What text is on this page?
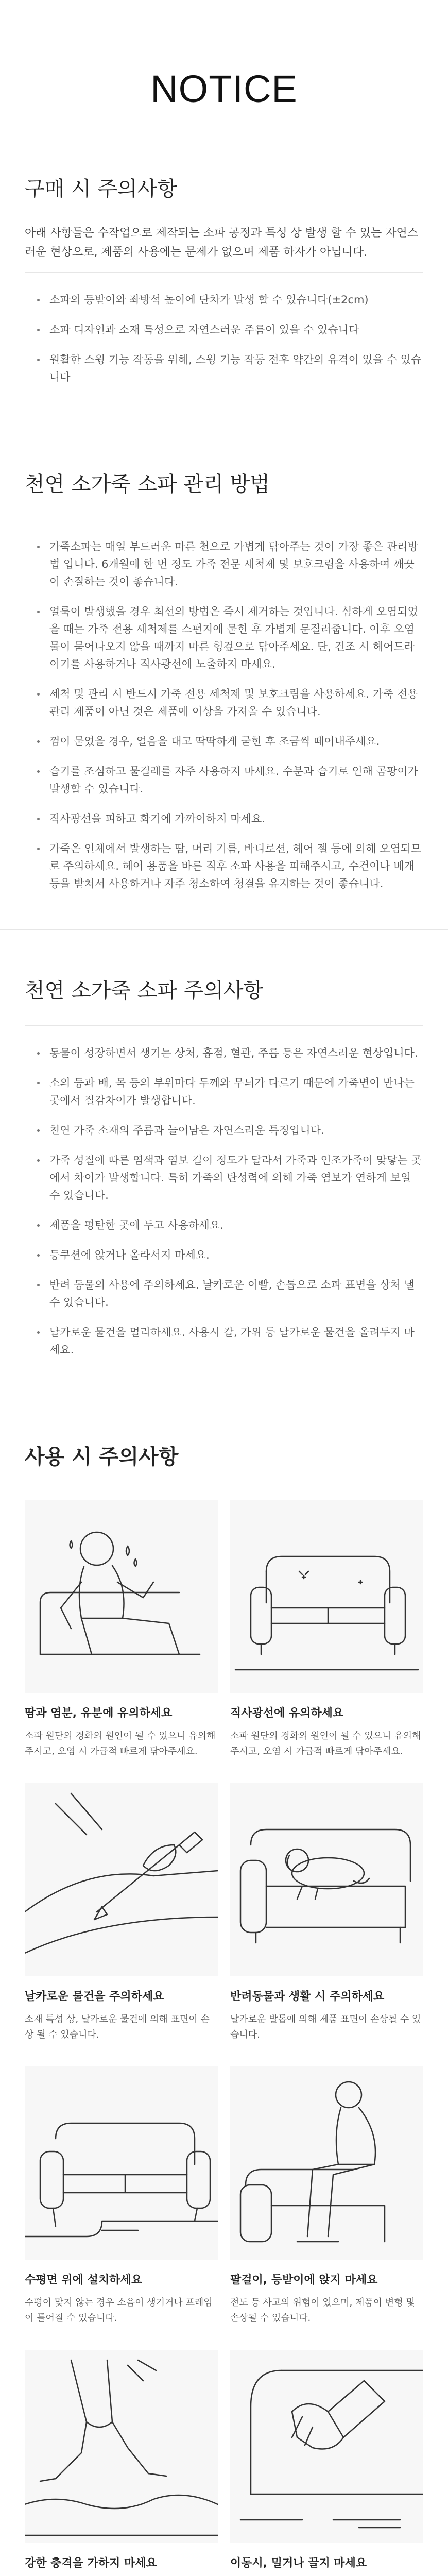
NOTICE
구매 시 주의사항

아래 사항들은 수작업으로 제작되는 소파 공정과 특성 상 발생 할 수 있는 자연스러운 현상으로, 제품의 사용에는 문제가 없으며 제품 하자가 아닙니다.

소파의 등받이와 좌방석 높이에 단차가 발생 할 수 있습니다(±2cm)
소파 디자인과 소재 특성으로 자연스러운 주름이 있을 수 있습니다
원활한 스윙 기능 작동을 위해, 스윙 기능 작동 전후 약간의 유격이 있을 수 있습니다
천연 소가죽 소파 관리 방법
가죽소파는 매일 부드러운 마른 천으로 가볍게 닦아주는 것이 가장 좋은 관리방법 입니다. 6개월에 한 번 정도 가죽 전문 세척제 및 보호크림을 사용하여 깨끗이 손질하는 것이 좋습니다.
얼룩이 발생했을 경우 최선의 방법은 즉시 제거하는 것입니다. 심하게 오염되었을 때는 가죽 전용 세척제를 스펀지에 묻힌 후 가볍게 문질러줍니다. 이후 오염물이 묻어나오지 않을 때까지 마른 헝겊으로 닦아주세요. 단, 건조 시 헤어드라이기를 사용하거나 직사광선에 노출하지 마세요.
세척 및 관리 시 반드시 가죽 전용 세척제 및 보호크림을 사용하세요. 가죽 전용 관리 제품이 아닌 것은 제품에 이상을 가져올 수 있습니다.
껌이 묻었을 경우, 얼음을 대고 딱딱하게 굳힌 후 조금씩 떼어내주세요.
습기를 조심하고 물걸레를 자주 사용하지 마세요. 수분과 습기로 인해 곰팡이가 발생할 수 있습니다.
직사광선을 피하고 화기에 가까이하지 마세요.
가죽은 인체에서 발생하는 땀, 머리 기름, 바디로션, 헤어 젤 등에 의해 오염되므로 주의하세요. 헤어 용품을 바른 직후 소파 사용을 피해주시고, 수건이나 베개 등을 받쳐서 사용하거나 자주 청소하여 청결을 유지하는 것이 좋습니다.
천연 소가죽 소파 주의사항
동물이 성장하면서 생기는 상처, 흉점, 혈관, 주름 등은 자연스러운 현상입니다.
소의 등과 배, 목 등의 부위마다 두께와 무늬가 다르기 때문에 가죽면이 만나는 곳에서 질감차이가 발생합니다.
천연 가죽 소재의 주름과 늘어남은 자연스러운 특징입니다.
가죽 성질에 따른 염색과 염보 길이 정도가 달라서 가죽과 인조가죽이 맞닿는 곳에서 차이가 발생합니다. 특히 가죽의 탄성력에 의해 가죽 염보가 연하게 보일 수 있습니다.
제품을 평탄한 곳에 두고 사용하세요.
등쿠션에 앉거나 올라서지 마세요.
반려 동물의 사용에 주의하세요. 날카로운 이빨, 손톱으로 소파 표면을 상처 낼 수 있습니다.
날카로운 물건을 멀리하세요. 사용시 칼, 가위 등 날카로운 물건을 올려두지 마세요.
사용 시 주의사항
땀과 염분, 유분에 유의하세요
소파 원단의 경화의 원인이 될 수 있으니 유의해주시고, 오염 시 가급적 빠르게 닦아주세요.
직사광선에 유의하세요
소파 원단의 경화의 원인이 될 수 있으니 유의해주시고, 오염 시 가급적 빠르게 닦아주세요.
날카로운 물건을 주의하세요
소재 특성 상, 날카로운 물건에 의해 표면이 손상 될 수 있습니다.
반려동물과 생활 시 주의하세요
날카로운 발톱에 의해 제품 표면이 손상될 수 있습니다.
수평면 위에 설치하세요
수평이 맞지 않는 경우 소음이 생기거나 프레임이 틀어질 수 있습니다.
팔걸이, 등받이에 앉지 마세요
전도 등 사고의 위험이 있으며, 제품이 변형 및 손상될 수 있습니다.
강한 충격을 가하지 마세요	이동시, 밀거나 끌지 마세요
